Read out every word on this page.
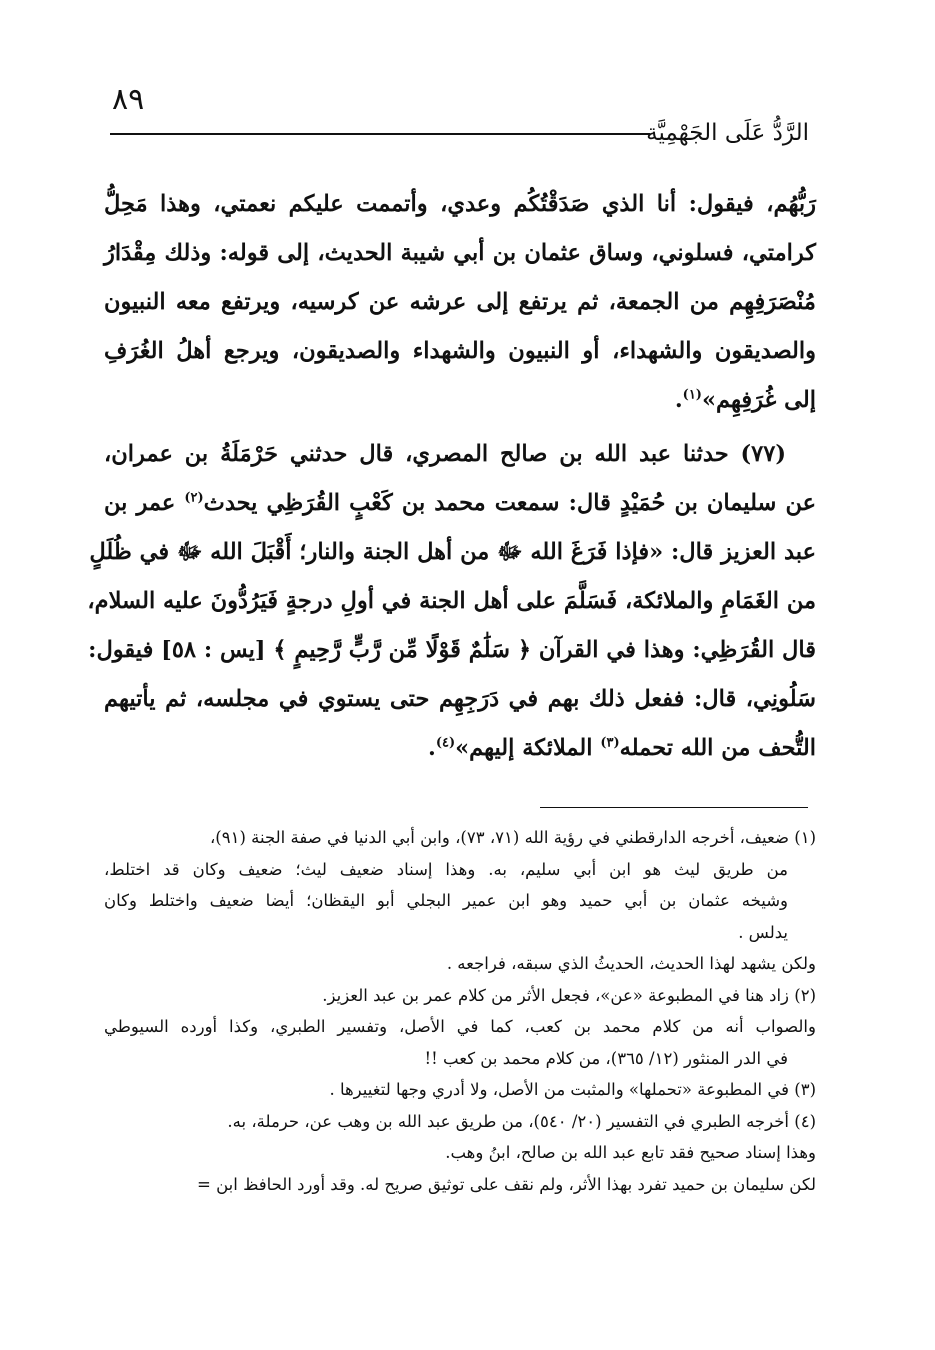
٨٩
الرَّدُّ عَلَى الجَهْمِيَّة
رَبُّهُم، فيقول: أنا الذي صَدَقْتُكُم وعدي، وأتممت عليكم نعمتي، وهذا مَحِلُّ
كرامتي، فسلوني، وساق عثمان بن أبي شيبة الحديث، إلى قوله: وذلك مِقْدَارُ
مُنْصَرَفِهِم من الجمعة، ثم يرتفع إلى عرشه عن كرسيه، ويرتفع معه النبيون
والصديقون والشهداء، أو النبيون والشهداء والصديقون، ويرجع أهلُ الغُرَفِ
إلى غُرَفِهِم»$^{(١)}$.
(٧٧) حدثنا عبد الله بن صالح المصري، قال حدثني حَرْمَلَةُ بن عمران،
عن سليمان بن حُمَيْدٍ قال: سمعت محمد بن كَعْبٍ القُرَظِي يحدث$^{(٢)}$ عمر بن
عبد العزيز قال: «فإذا فَرَغَ الله ﷻ من أهل الجنة والنار؛ أَقْبَلَ الله ﷻ في ظُلَلٍ
من الغَمَامِ والملائكة، فَسَلَّمَ على أهل الجنة في أولِ درجةٍ فَيَرُدُّونَ عليه السلام،
قال القُرَظِي: وهذا في القرآن ﴿ سَلَٰمٌ قَوْلًا مِّن رَّبٍّ رَّحِيمٍ ﴾ [يس : ٥٨] فيقول:
سَلُونِي، قال: ففعل ذلك بهم في دَرَجِهِم حتى يستوي في مجلسه، ثم يأتيهم
التُّحف من الله تحمله$^{(٣)}$ الملائكة إليهم»$^{(٤)}$.
(١) ضعيف، أخرجه الدارقطني في رؤية الله (٧١، ٧٣)، وابن أبي الدنيا في صفة الجنة (٩١)،
من طريق ليث هو ابن أبي سليم، به. وهذا إسناد ضعيف ليث؛ ضعيف وكان قد اختلط،
وشيخه عثمان بن أبي حميد وهو ابن عمير البجلي أبو اليقظان؛ أيضا ضعيف واختلط وكان
يدلس .
ولكن يشهد لهذا الحديث، الحديثُ الذي سبقه، فراجعه .
(٢) زاد هنا في المطبوعة «عن»، فجعل الأثر من كلام عمر بن عبد العزيز.
والصواب أنه من كلام محمد بن كعب، كما في الأصل، وتفسير الطبري، وكذا أورده السيوطي
في الدر المنثور (١٢/ ٣٦٥)، من كلام محمد بن كعب !!
(٣) في المطبوعة «تحملها» والمثبت من الأصل، ولا أدري وجها لتغييرها .
(٤) أخرجه الطبري في التفسير (٢٠/ ٥٤٠)، من طريق عبد الله بن وهب عن، حرملة، به.
وهذا إسناد صحيح فقد تابع عبد الله بن صالح، ابنُ وهب.
لكن سليمان بن حميد تفرد بهذا الأثر، ولم نقف على توثيق صريح له. وقد أورد الحافظ ابن =
